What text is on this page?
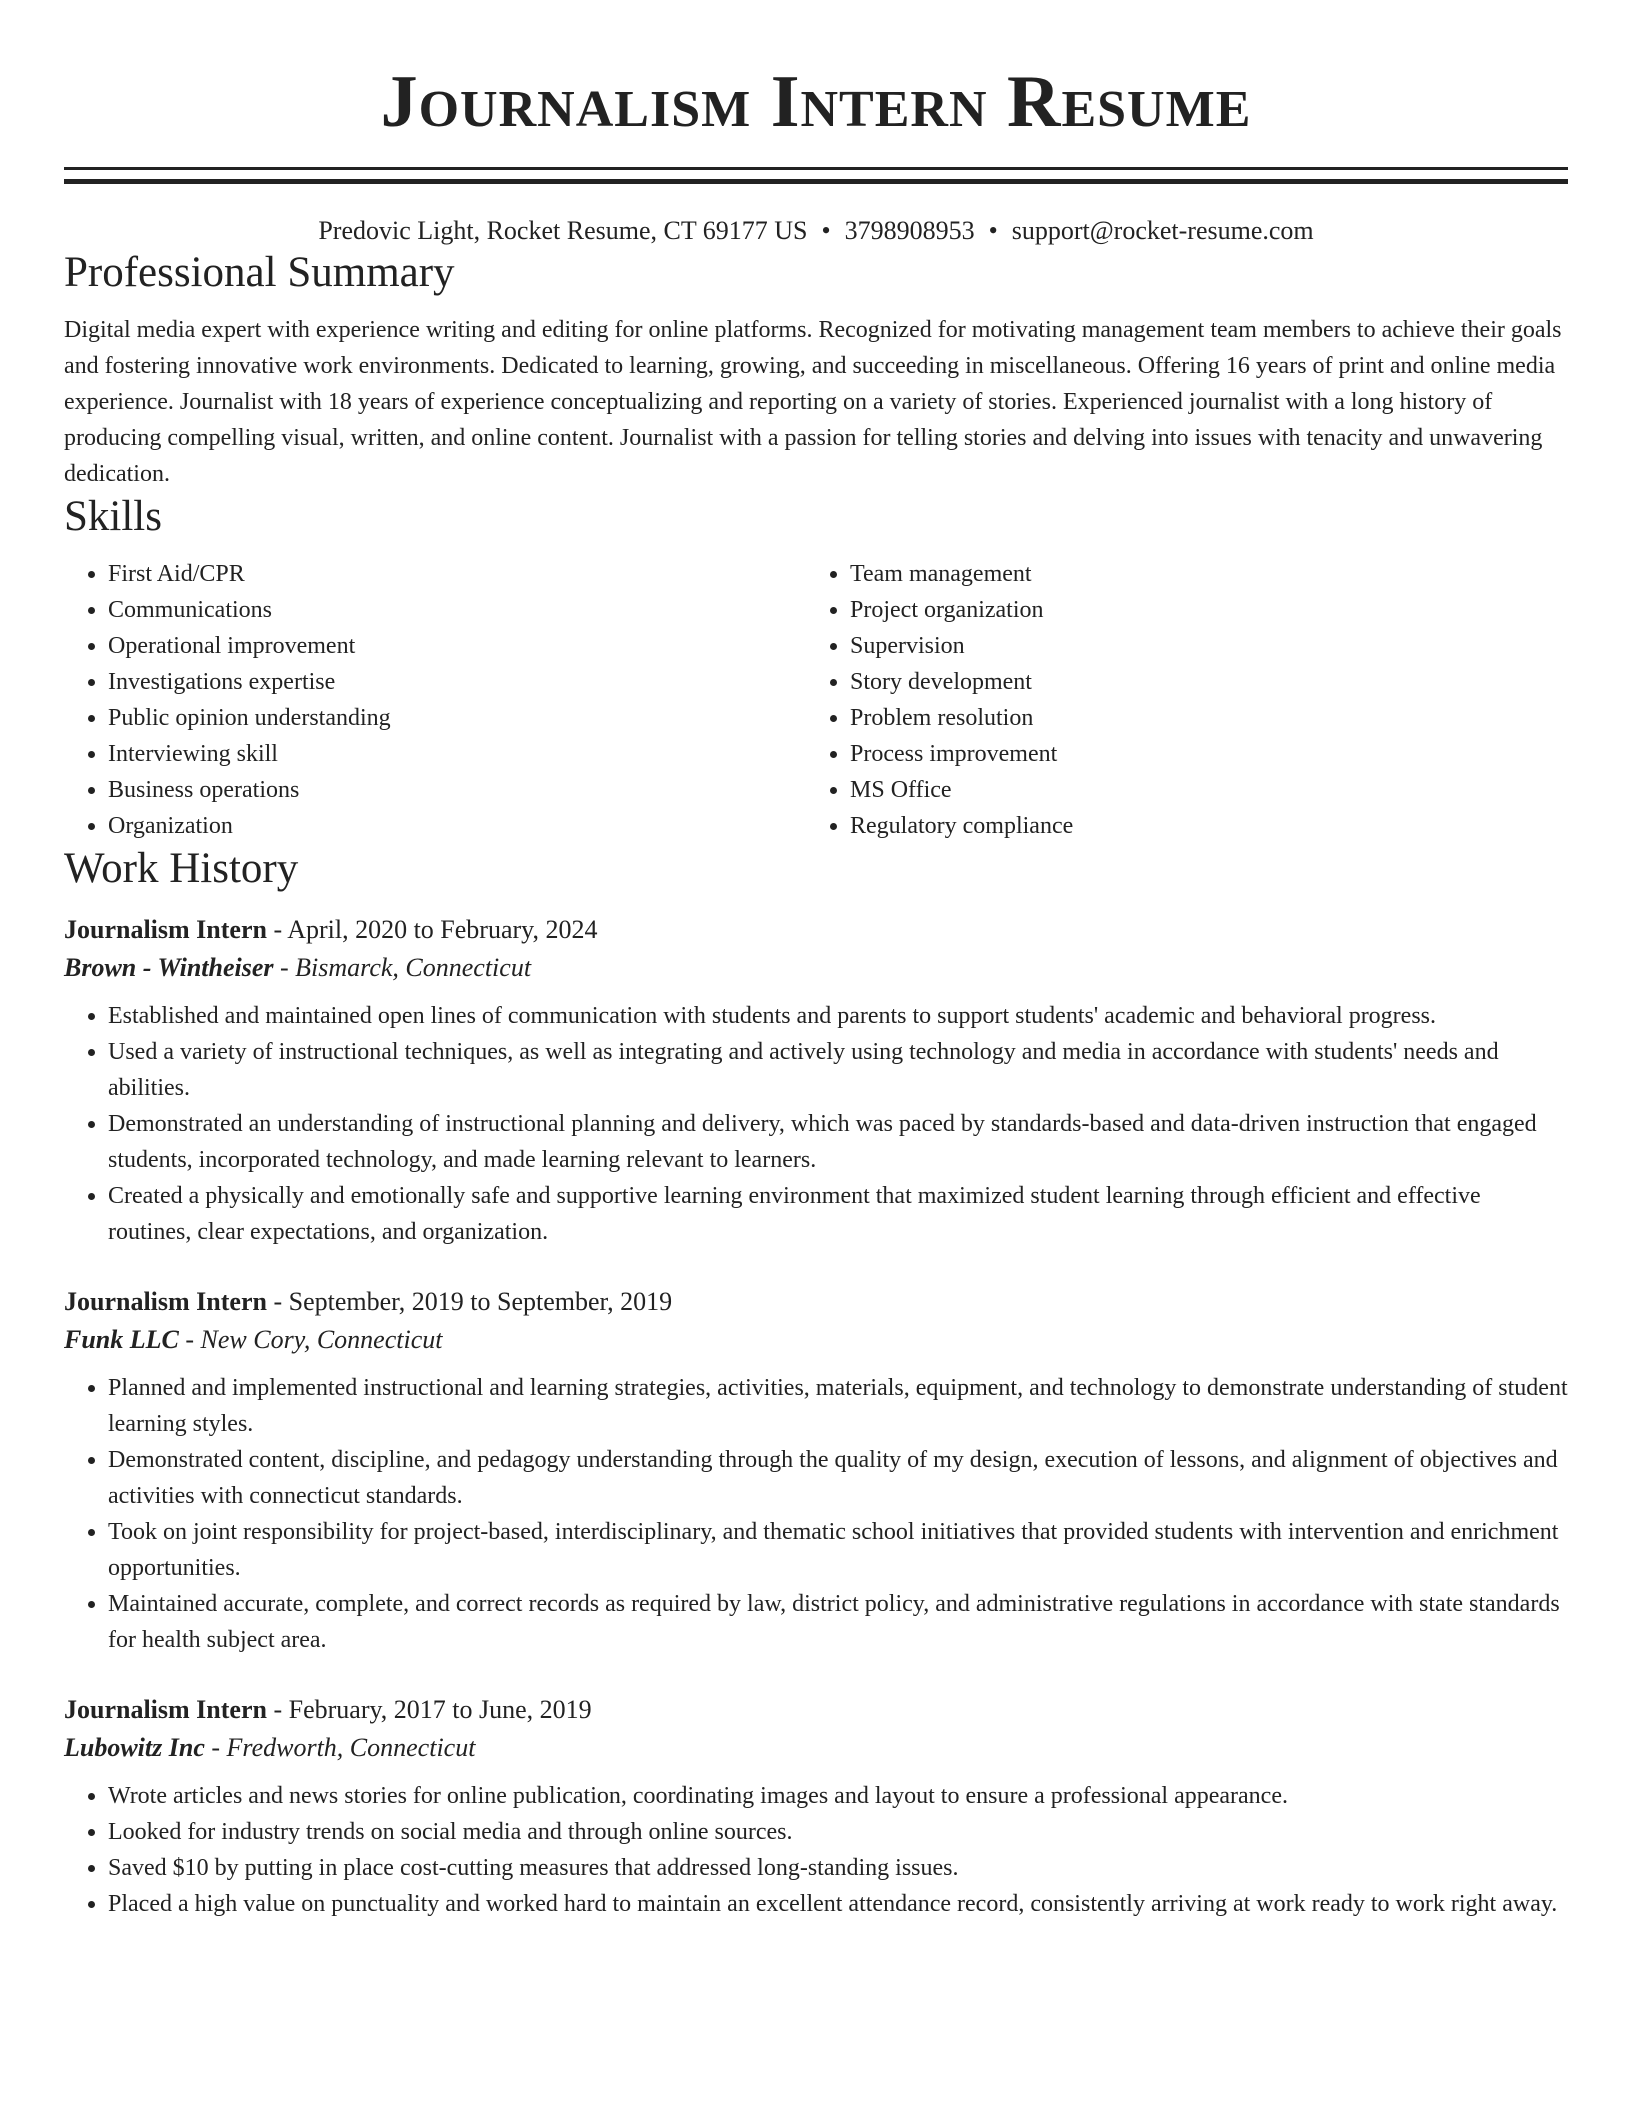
Journalism Intern Resume
Predovic Light, Rocket Resume, CT 69177 US • 3798908953 • support@rocket-resume.com
Professional Summary

Digital media expert with experience writing and editing for online platforms. Recognized for motivating management team members to achieve their goals and fostering innovative work environments. Dedicated to learning, growing, and succeeding in miscellaneous. Offering 16 years of print and online media experience. Journalist with 18 years of experience conceptualizing and reporting on a variety of stories. Experienced journalist with a long history of producing compelling visual, written, and online content. Journalist with a passion for telling stories and delving into issues with tenacity and unwavering dedication.

Skills
• First Aid/CPR
• Communications
• Operational improvement
• Investigations expertise
• Public opinion understanding
• Interviewing skill
• Business operations
• Organization
• Team management
• Project organization
• Supervision
• Story development
• Problem resolution
• Process improvement
• MS Office
• Regulatory compliance
Work History
Journalism Intern - April, 2020 to February, 2024
Brown - Wintheiser - Bismarck, Connecticut
• Established and maintained open lines of communication with students and parents to support students' academic and behavioral progress.
• Used a variety of instructional techniques, as well as integrating and actively using technology and media in accordance with students' needs and abilities.
• Demonstrated an understanding of instructional planning and delivery, which was paced by standards-based and data-driven instruction that engaged students, incorporated technology, and made learning relevant to learners.
• Created a physically and emotionally safe and supportive learning environment that maximized student learning through efficient and effective routines, clear expectations, and organization.
Journalism Intern - September, 2019 to September, 2019
Funk LLC - New Cory, Connecticut
• Planned and implemented instructional and learning strategies, activities, materials, equipment, and technology to demonstrate understanding of student learning styles.
• Demonstrated content, discipline, and pedagogy understanding through the quality of my design, execution of lessons, and alignment of objectives and activities with connecticut standards.
• Took on joint responsibility for project-based, interdisciplinary, and thematic school initiatives that provided students with intervention and enrichment opportunities.
• Maintained accurate, complete, and correct records as required by law, district policy, and administrative regulations in accordance with state standards for health subject area.
Journalism Intern - February, 2017 to June, 2019
Lubowitz Inc - Fredworth, Connecticut
• Wrote articles and news stories for online publication, coordinating images and layout to ensure a professional appearance.
• Looked for industry trends on social media and through online sources.
• Saved $10 by putting in place cost-cutting measures that addressed long-standing issues.
• Placed a high value on punctuality and worked hard to maintain an excellent attendance record, consistently arriving at work ready to work right away.
